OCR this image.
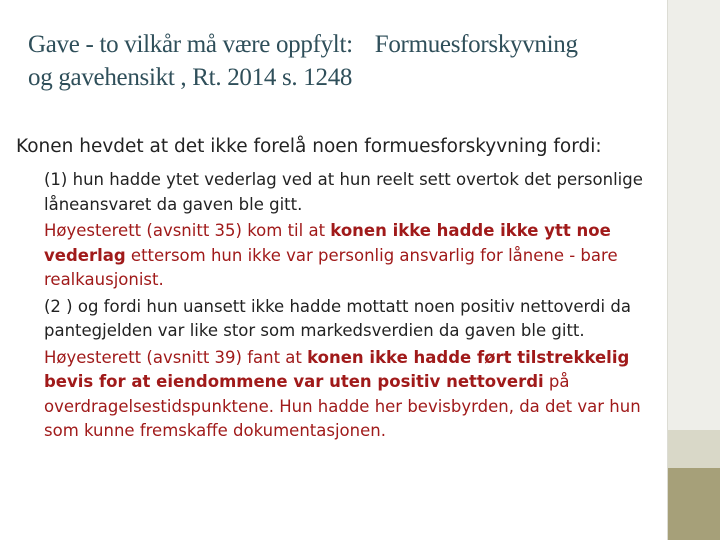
Gave - to vilkår må være oppfylt: Formuesforskyvning
og gavehensikt , Rt. 2014 s. 1248
Konen hevdet at det ikke forelå noen formuesforskyvning fordi:

(1) hun hadde ytet vederlag ved at hun reelt sett overtok det personlige låneansvaret da gaven ble gitt.

Høyesterett (avsnitt 35) kom til at konen ikke hadde ikke ytt noe vederlag ettersom hun ikke var personlig ansvarlig for lånene - bare realkausjonist.

(2 ) og fordi hun uansett ikke hadde mottatt noen positiv nettoverdi da pantegjelden var like stor som markedsverdien da gaven ble gitt.

Høyesterett (avsnitt 39) fant at konen ikke hadde ført tilstrekkelig bevis for at eiendommene var uten positiv nettoverdi på overdragelsestidspunktene. Hun hadde her bevisbyrden, da det var hun som kunne fremskaffe dokumentasjonen.
